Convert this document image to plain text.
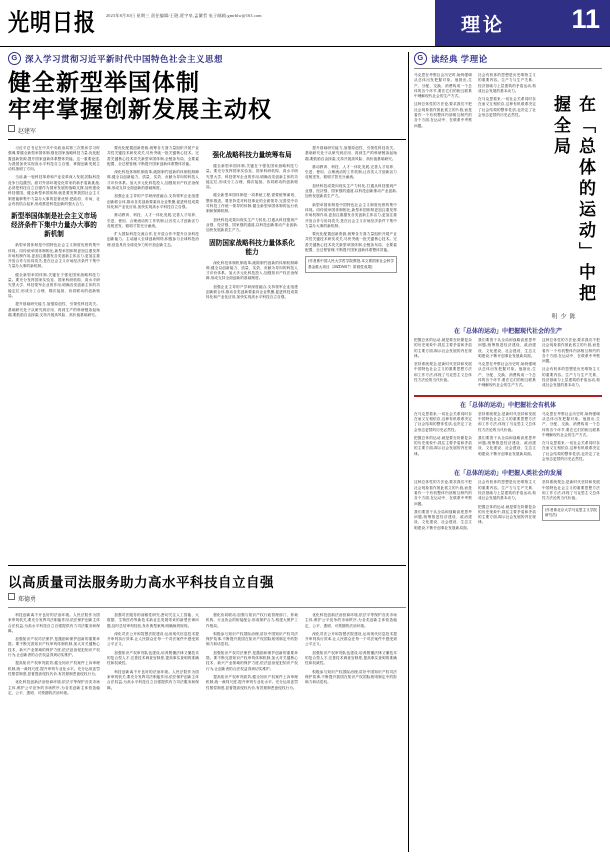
光明日报 2023年8月30日 星期三 责任编辑/王琎,贾宇泉,孟繁哲 电子邮箱:gmrblw@163.com	理论 11
G 深入学习贯彻习近平新时代中国特色社会主义思想
健全新型举国体制
牢牢掌握创新发展主动权
赵建军

习近平总书记在中共中央政治局第三次集体学习时强调,要健全新型举国体制,强化国家战略科技力量,优化配置创新资源,提升国家创新体系整体效能。这一重要论述,为我国加快实现高水平科技自立自强、掌握创新发展主动权指明了方向。

当前,新一轮科技革命和产业变革深入发展,国际科技竞争日趋激烈。面对外部环境变化带来的新矛盾新挑战,必须把科技自立自强作为国家发展的战略支撑,加快建设科技强国。健全新型举国体制,就是要发挥我国社会主义制度能够集中力量办大事的显著优势,把政府、市场、社会有机结合起来,形成推进科技创新的强大合力。

新型举国体制是社会主义市场经济条件下集中力量办大事的新机制

新型举国体制是中国特色社会主义制度优势的集中体现。同传统举国体制相比,新型举国体制更加注重发挥市场机制作用,更加注重激发各类创新主体活力,更加注重开放合作与协同攻关,是在社会主义市场经济条件下集中力量办大事的新机制。

健全新型举国体制,关键在于强化国家战略科技力量。要充分发挥国家实验室、国家科研机构、高水平研究型大学、科技领军企业的作用,明确各类创新主体的功能定位,形成分工合理、梯次接续、协同联动的创新格局。

提升基础研究能力,加强原创性、引领性科技攻关。基础研究处于从研究到应用、再到生产的科研链条起始端,要鼓励自由探索,支持开展高风险、高价值基础研究。

要优化配置创新资源,统筹各方面力量组织开展产业共性关键技术研发攻关,尽快突破一批关键核心技术。完善关键核心技术攻关新型举国体制,全链条布局、全要素配置、全过程管理,不断提升国家创新体系整体效能。

深化科技体制机制改革,破除制约创新的体制机制障碍,健全以创新能力、质量、实效、贡献为导向的科技人才评价体系。加大多元化科技投入,加强知识产权法治保障,形成支持全面创新的基础制度。

加强企业主导的产学研深度融合,支持领军企业组建创新联合体,推动各类创新要素向企业集聚,促进科技成果转化和产业化应用,加快实现高水平科技自立自强。

推动教育、科技、人才一体化发展,完善人才培养、引进、使用、合理流动的工作机制,让各类人才创新活力竞相迸发、聪明才智充分涌流。

扩大国际科技交流合作,在开放合作中提升自身科技创新能力。主动融入全球创新网络,积极参与全球科技治理,营造具有全球竞争力的开放创新生态。

强化战略科技力量统筹布局

健全新型举国体制,关键在于强化国家战略科技力量。要充分发挥国家实验室、国家科研机构、高水平研究型大学、科技领军企业的作用,明确各类创新主体的功能定位,形成分工合理、梯次接续、协同联动的创新格局。

健全新型举国体制是一项系统工程,需要统筹谋划、整体推进。要坚持党对科技事业的全面领导,完善党中央对科技工作统一领导的体制,健全新型举国体制的运行机制和保障机制。

加快科技成果向现实生产力转化,打通从科技强到产业强、经济强、国家强的通道,以科技创新推动产业创新,加快发展新质生产力。

固防国家战略科技力量体系化能力

深化科技体制机制改革,破除制约创新的体制机制障碍,健全以创新能力、质量、实效、贡献为导向的科技人才评价体系。加大多元化科技投入,加强知识产权法治保障,形成支持全面创新的基础制度。

加强企业主导的产学研深度融合,支持领军企业组建创新联合体,推动各类创新要素向企业集聚,促进科技成果转化和产业化应用,加快实现高水平科技自立自强。

提升基础研究能力,加强原创性、引领性科技攻关。基础研究处于从研究到应用、再到生产的科研链条起始端,要鼓励自由探索,支持开展高风险、高价值基础研究。

推动教育、科技、人才一体化发展,完善人才培养、引进、使用、合理流动的工作机制,让各类人才创新活力竞相迸发、聪明才智充分涌流。

加快科技成果向现实生产力转化,打通从科技强到产业强、经济强、国家强的通道,以科技创新推动产业创新,加快发展新质生产力。

新型举国体制是中国特色社会主义制度优势的集中体现。同传统举国体制相比,新型举国体制更加注重发挥市场机制作用,更加注重激发各类创新主体活力,更加注重开放合作与协同攻关,是在社会主义市场经济条件下集中力量办大事的新机制。

要优化配置创新资源,统筹各方面力量组织开展产业共性关键技术研发攻关,尽快突破一批关键核心技术。完善关键核心技术攻关新型举国体制,全链条布局、全要素配置、全过程管理,不断提升国家创新体系整体效能。

(作者系中国人民大学哲学院教授,本文系国家社会科学基金重大项目〔20ZDA017〕阶段性成果)
以高质量司法服务助力高水平科技自立自强
郑德勇

科技创新离不开良好的法治环境。人民法院作为国家审判机关,要充分发挥司法职能作用,依法保护创新主体合法权益,为高水平科技自立自强提供有力司法服务和保障。

加强知识产权司法保护,是激励和保护创新的重要举措。要不断完善知识产权审判体制机制,加大对关键核心技术、新兴产业领域的保护力度,依法惩治侵犯知识产权行为,让创新者的合法权益得到切实维护。

提高知识产权审判质效,健全知识产权案件上诉审理机制,统一裁判尺度,提升审判专业化水平。充分运用惩罚性赔偿制度,显著提高侵权代价,有效遏制恶意侵权行为。

优化科技创新法治营商环境,依法平等保护各类市场主体,维护公平竞争的市场秩序,为各类创新主体营造稳定、公平、透明、可预期的法治环境。

加强司法服务的前瞻性研究,密切关注人工智能、大数据、生物医药等新技术新业态发展带来的新型法律问题,及时总结审判经验,发布典型案例,明确裁判规则。

深化司法公开和智慧法院建设,运用现代信息技术提升审判执行效率,让人民群众在每一个司法案件中感受到公平正义。

加强知识产权审判队伍建设,培养既懂法律又懂技术的复合型人才,完善技术调查官制度,提高事实查明的准确性和权威性。

科技创新离不开良好的法治环境。人民法院作为国家审判机关,要充分发挥司法职能作用,依法保护创新主体合法权益,为高水平科技自立自强提供有力司法服务和保障。

强化协同联动,加强与知识产权行政管理部门、仲裁机构、行业协会的衔接配合,形成保护合力,构建大保护工作格局。

积极参与知识产权国际治理,讲好中国知识产权司法保护故事,不断提升我国在知识产权国际规则制定中的影响力和话语权。

加强知识产权司法保护,是激励和保护创新的重要举措。要不断完善知识产权审判体制机制,加大对关键核心技术、新兴产业领域的保护力度,依法惩治侵犯知识产权行为,让创新者的合法权益得到切实维护。

提高知识产权审判质效,健全知识产权案件上诉审理机制,统一裁判尺度,提升审判专业化水平。充分运用惩罚性赔偿制度,显著提高侵权代价,有效遏制恶意侵权行为。

优化科技创新法治营商环境,依法平等保护各类市场主体,维护公平竞争的市场秩序,为各类创新主体营造稳定、公平、透明、可预期的法治环境。

深化司法公开和智慧法院建设,运用现代信息技术提升审判执行效率,让人民群众在每一个司法案件中感受到公平正义。

加强知识产权审判队伍建设,培养既懂法律又懂技术的复合型人才,完善技术调查官制度,提高事实查明的准确性和权威性。

积极参与知识产权国际治理,讲好中国知识产权司法保护故事,不断提升我国在知识产权国际规则制定中的影响力和话语权。

G 读经典 学理论

马克思在考察社会历史时,始终强调从总体出发把握对象。他指出,生产、分配、交换、消费构成一个总体的各个环节,要在它们的相互联系中理解现代社会的生产方式。

这种总体性的方法论,要求我们不把社会现象看作彼此孤立的片段,而是看作一个有机整体内部相互制约的各个方面,在运动中、在联系中考察问题。

社会有机体的思想是历史唯物主义的重要内容。生产力与生产关系、经济基础与上层建筑的矛盾运动,构成社会发展的基本动力。

在马克思看来,一切社会关系同时存在而又互相依存,这种有机联系决定了社会结构的整体性质,也决定了社会形态更替的历史必然性。	在「总体的运动」中把握全局
陈少明
在「总体的运动」中把握现代社会的生产

把握总体的运动,就是要在纷繁复杂的历史现象中,抓住主要矛盾和矛盾的主要方面,揭示社会发展的内在规律。

坚持系统观念,是新时代坚持和发展中国特色社会主义的重要思想方法和工作方法,体现了马克思主义总体性方法论的当代价值。

我们要善于从全局和战略高度思考问题,统筹推进经济建设、政治建设、文化建设、社会建设、生态文明建设,不断开创事业发展新局面。

马克思在考察社会历史时,始终强调从总体出发把握对象。他指出,生产、分配、交换、消费构成一个总体的各个环节,要在它们的相互联系中理解现代社会的生产方式。

这种总体性的方法论,要求我们不把社会现象看作彼此孤立的片段,而是看作一个有机整体内部相互制约的各个方面,在运动中、在联系中考察问题。

社会有机体的思想是历史唯物主义的重要内容。生产力与生产关系、经济基础与上层建筑的矛盾运动,构成社会发展的基本动力。

在「总体的运动」中把握社会有机体

在马克思看来,一切社会关系同时存在而又互相依存,这种有机联系决定了社会结构的整体性质,也决定了社会形态更替的历史必然性。

把握总体的运动,就是要在纷繁复杂的历史现象中,抓住主要矛盾和矛盾的主要方面,揭示社会发展的内在规律。

坚持系统观念,是新时代坚持和发展中国特色社会主义的重要思想方法和工作方法,体现了马克思主义总体性方法论的当代价值。

我们要善于从全局和战略高度思考问题,统筹推进经济建设、政治建设、文化建设、社会建设、生态文明建设,不断开创事业发展新局面。

马克思在考察社会历史时,始终强调从总体出发把握对象。他指出,生产、分配、交换、消费构成一个总体的各个环节,要在它们的相互联系中理解现代社会的生产方式。

在马克思看来,一切社会关系同时存在而又互相依存,这种有机联系决定了社会结构的整体性质,也决定了社会形态更替的历史必然性。

在「总体的运动」中把握人类社会的发展

这种总体性的方法论,要求我们不把社会现象看作彼此孤立的片段,而是看作一个有机整体内部相互制约的各个方面,在运动中、在联系中考察问题。

我们要善于从全局和战略高度思考问题,统筹推进经济建设、政治建设、文化建设、社会建设、生态文明建设,不断开创事业发展新局面。

社会有机体的思想是历史唯物主义的重要内容。生产力与生产关系、经济基础与上层建筑的矛盾运动,构成社会发展的基本动力。

把握总体的运动,就是要在纷繁复杂的历史现象中,抓住主要矛盾和矛盾的主要方面,揭示社会发展的内在规律。

坚持系统观念,是新时代坚持和发展中国特色社会主义的重要思想方法和工作方法,体现了马克思主义总体性方法论的当代价值。

(作者系北京大学马克思主义学院研究员)
